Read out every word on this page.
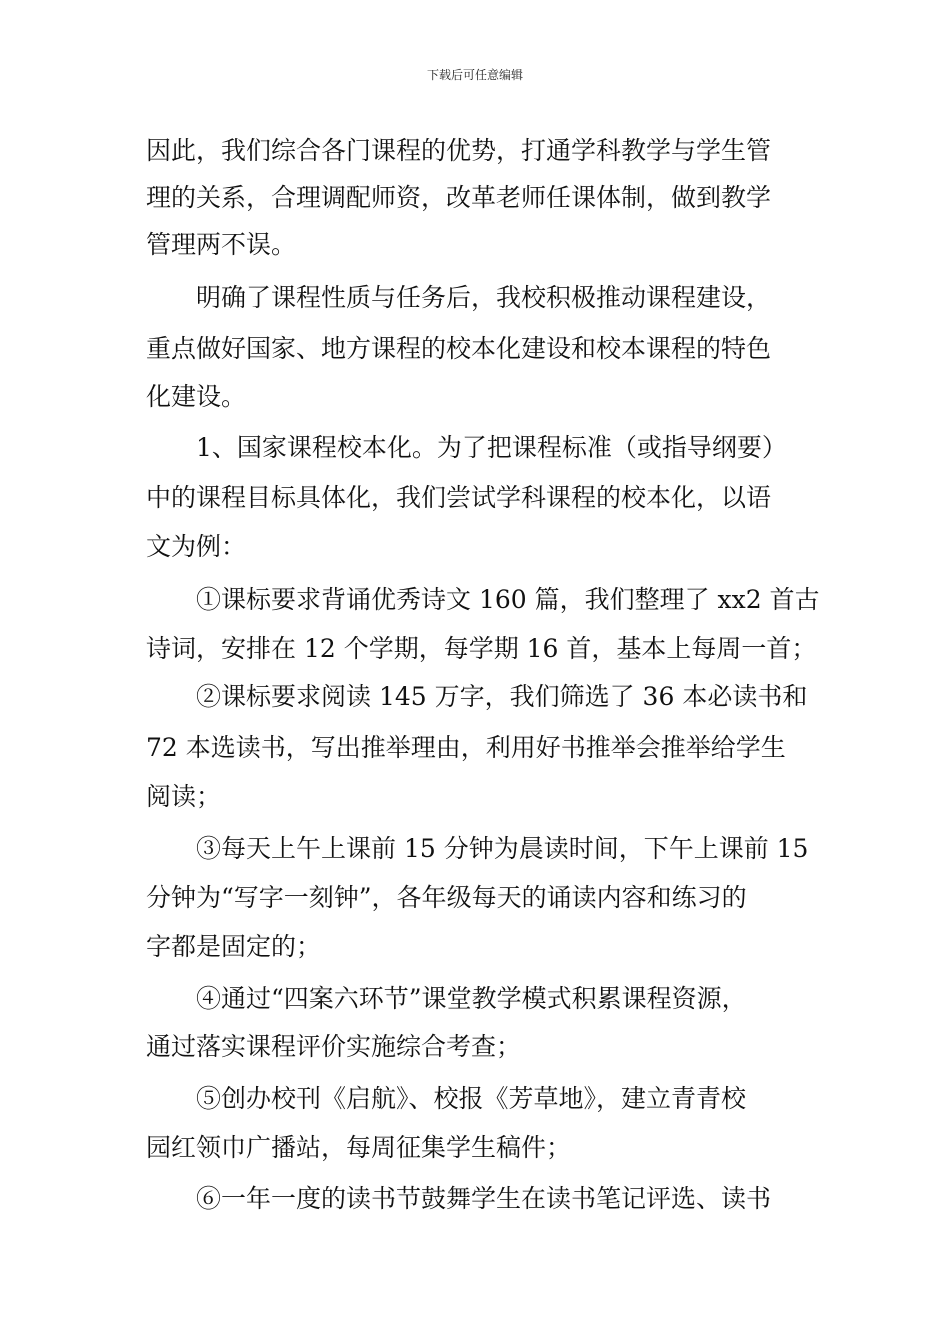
下载后可任意编辑
因此，我们综合各门课程的优势，打通学科教学与学生管
理的关系，合理调配师资，改革老师任课体制，做到教学
管理两不误。
　　明确了课程性质与任务后，我校积极推动课程建设，
重点做好国家、地方课程的校本化建设和校本课程的特色
化建设。
　　1、国家课程校本化。为了把课程标准（或指导纲要）
中的课程目标具体化，我们尝试学科课程的校本化，以语
文为例：
　　①课标要求背诵优秀诗文 160 篇，我们整理了 xx2 首古
诗词，安排在 12 个学期，每学期 16 首，基本上每周一首；
　　②课标要求阅读 145 万字，我们筛选了 36 本必读书和
72 本选读书，写出推举理由，利用好书推举会推举给学生
阅读；
　　③每天上午上课前 15 分钟为晨读时间，下午上课前 15
分钟为“写字一刻钟”，各年级每天的诵读内容和练习的
字都是固定的；
　　④通过“四案六环节”课堂教学模式积累课程资源，
通过落实课程评价实施综合考查；
　　⑤创办校刊《启航》、校报《芳草地》，建立青青校
园红领巾广播站，每周征集学生稿件；
　　⑥一年一度的读书节鼓舞学生在读书笔记评选、读书
